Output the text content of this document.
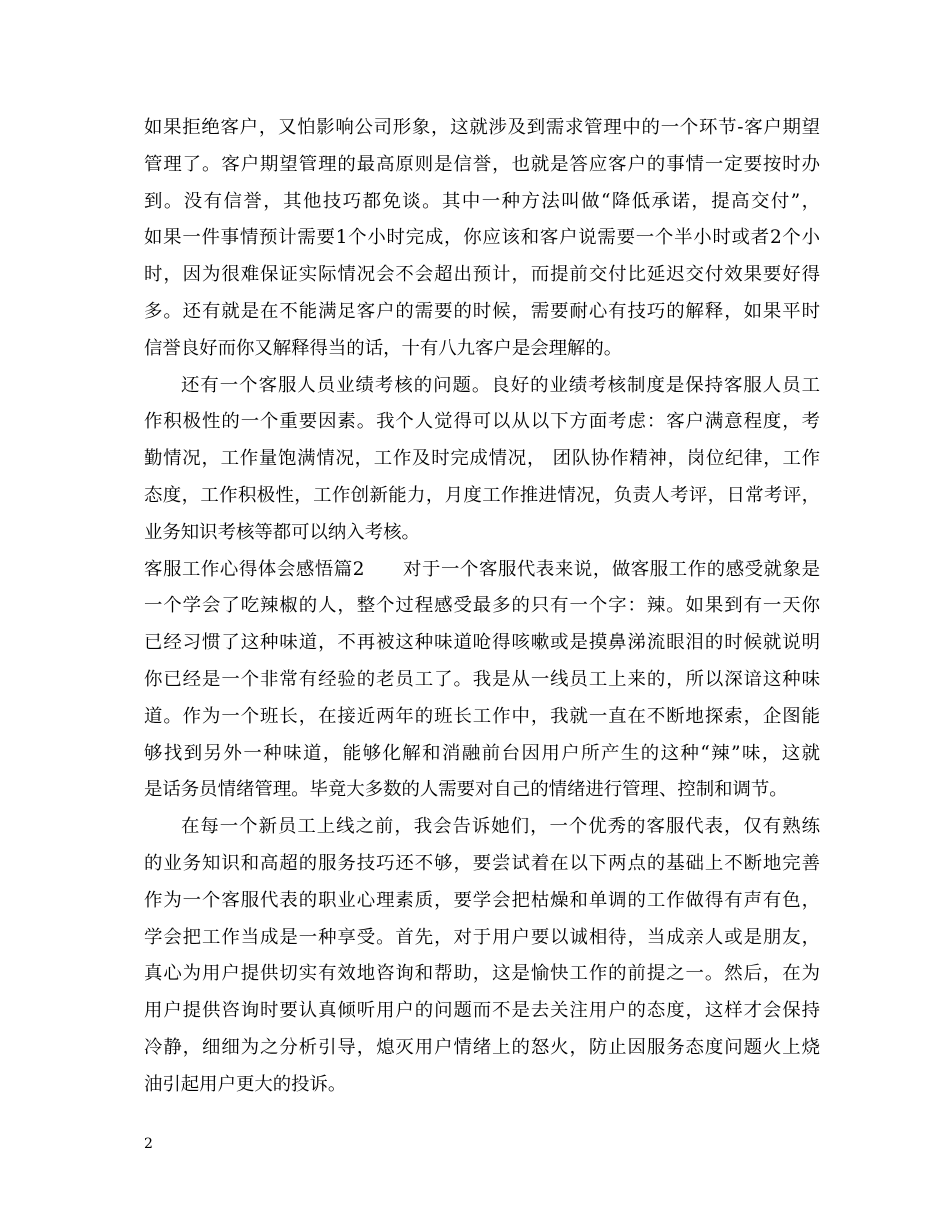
如果拒绝客户，又怕影响公司形象，这就涉及到需求管理中的一个环节-客户期望
管理了。客户期望管理的最高原则是信誉，也就是答应客户的事情一定要按时办
到。没有信誉，其他技巧都免谈。其中一种方法叫做“降低承诺，提高交付”，
如果一件事情预计需要1个小时完成，你应该和客户说需要一个半小时或者2个小
时，因为很难保证实际情况会不会超出预计，而提前交付比延迟交付效果要好得
多。还有就是在不能满足客户的需要的时候，需要耐心有技巧的解释，如果平时
信誉良好而你又解释得当的话，十有八九客户是会理解的。
还有一个客服人员业绩考核的问题。良好的业绩考核制度是保持客服人员工
作积极性的一个重要因素。我个人觉得可以从以下方面考虑：客户满意程度，考
勤情况，工作量饱满情况，工作及时完成情况， 团队协作精神，岗位纪律，工作
态度，工作积极性，工作创新能力，月度工作推进情况，负责人考评，日常考评，
业务知识考核等都可以纳入考核。
客服工作心得体会感悟篇2      对于一个客服代表来说，做客服工作的感受就象是
一个学会了吃辣椒的人，整个过程感受最多的只有一个字：辣。如果到有一天你
已经习惯了这种味道，不再被这种味道呛得咳嗽或是摸鼻涕流眼泪的时候就说明
你已经是一个非常有经验的老员工了。我是从一线员工上来的，所以深谙这种味
道。作为一个班长，在接近两年的班长工作中，我就一直在不断地探索，企图能
够找到另外一种味道，能够化解和消融前台因用户所产生的这种“辣”味，这就
是话务员情绪管理。毕竟大多数的人需要对自己的情绪进行管理、控制和调节。
在每一个新员工上线之前，我会告诉她们，一个优秀的客服代表，仅有熟练
的业务知识和高超的服务技巧还不够，要尝试着在以下两点的基础上不断地完善
作为一个客服代表的职业心理素质，要学会把枯燥和单调的工作做得有声有色，
学会把工作当成是一种享受。首先，对于用户要以诚相待，当成亲人或是朋友，
真心为用户提供切实有效地咨询和帮助，这是愉快工作的前提之一。然后，在为
用户提供咨询时要认真倾听用户的问题而不是去关注用户的态度，这样才会保持
冷静，细细为之分析引导，熄灭用户情绪上的怒火，防止因服务态度问题火上烧
油引起用户更大的投诉。
2
